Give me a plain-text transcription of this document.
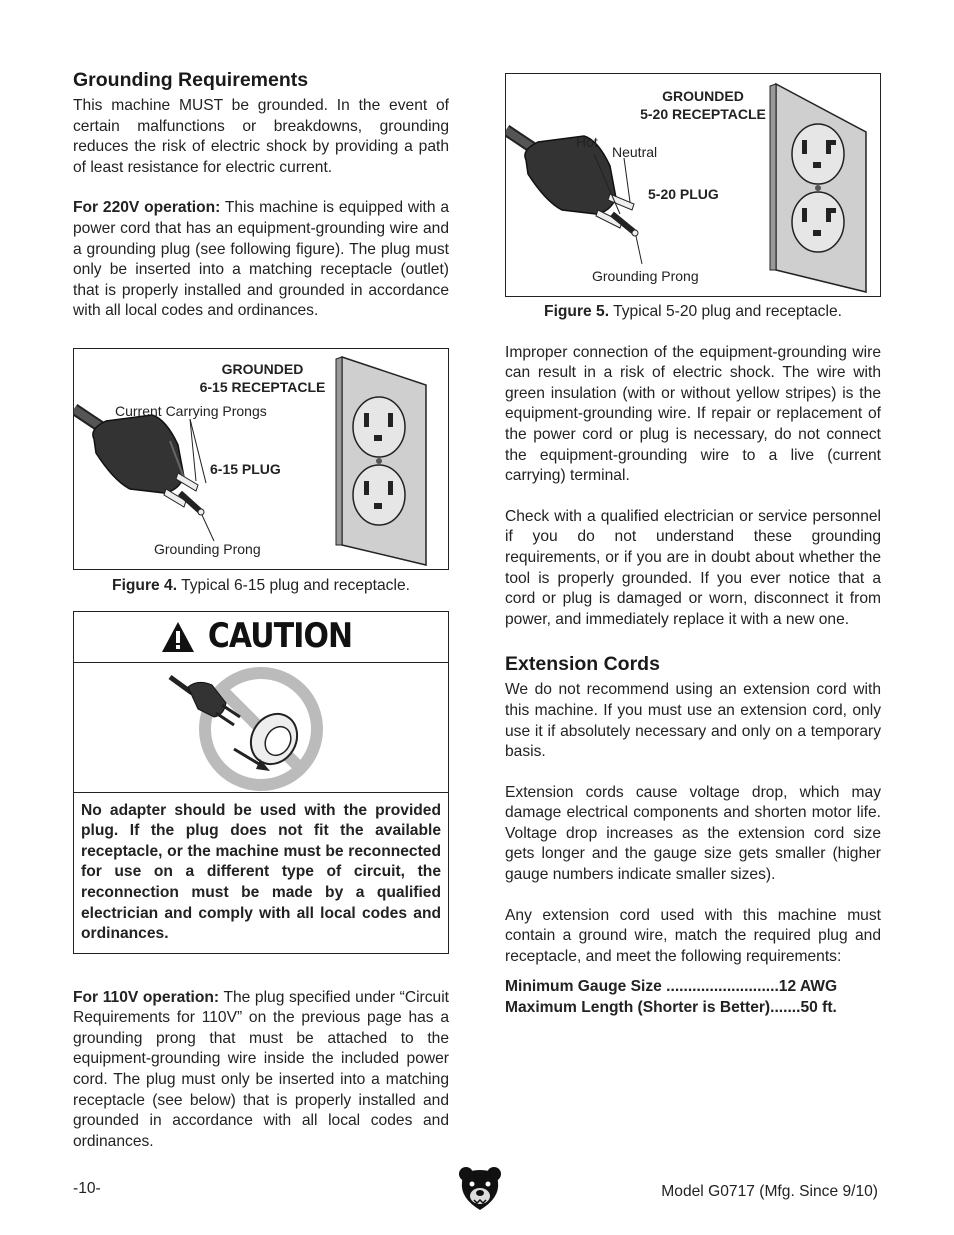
Grounding Requirements

This machine MUST be grounded. In the event of certain malfunctions or breakdowns, grounding reduces the risk of electric shock by providing a path of least resistance for electric current.

For 220V operation: This machine is equipped with a power cord that has an equipment-grounding wire and a grounding plug (see following figure). The plug must only be inserted into a matching receptacle (outlet) that is properly installed and grounded in accordance with all local codes and ordinances.

GROUNDED
6-15 RECEPTACLE
Current Carrying Prongs
6-15 PLUG
Grounding Prong
Figure 4. Typical 6-15 plug and receptacle.
CAUTION
No adapter should be used with the provided plug. If the plug does not fit the available receptacle, or the machine must be reconnected for use on a different type of circuit, the reconnection must be made by a qualified electrician and comply with all local codes and ordinances.

For 110V operation: The plug specified under “Circuit Requirements for 110V” on the previous page has a grounding prong that must be attached to the equipment-grounding wire inside the included power cord. The plug must only be inserted into a matching receptacle (see below) that is properly installed and grounded in accordance with all local codes and ordinances.

GROUNDED
5-20 RECEPTACLE
Hot
Neutral
5-20 PLUG
Grounding Prong
Figure 5. Typical 5-20 plug and receptacle.

Improper connection of the equipment-grounding wire can result in a risk of electric shock. The wire with green insulation (with or without yellow stripes) is the equipment-grounding wire. If repair or replacement of the power cord or plug is necessary, do not connect the equipment-grounding wire to a live (current carrying) terminal.

Check with a qualified electrician or service personnel if you do not understand these grounding requirements, or if you are in doubt about whether the tool is properly grounded. If you ever notice that a cord or plug is damaged or worn, disconnect it from power, and immediately replace it with a new one.

Extension Cords

We do not recommend using an extension cord with this machine. If you must use an extension cord, only use it if absolutely necessary and only on a temporary basis.

Extension cords cause voltage drop, which may damage electrical components and shorten motor life. Voltage drop increases as the extension cord size gets longer and the gauge size gets smaller (higher gauge numbers indicate smaller sizes).

Any extension cord used with this machine must contain a ground wire, match the required plug and receptacle, and meet the following requirements:

Minimum Gauge Size ..........................12 AWG
Maximum Length (Shorter is Better).......50 ft.
-10-	Model G0717 (Mfg. Since 9/10)
